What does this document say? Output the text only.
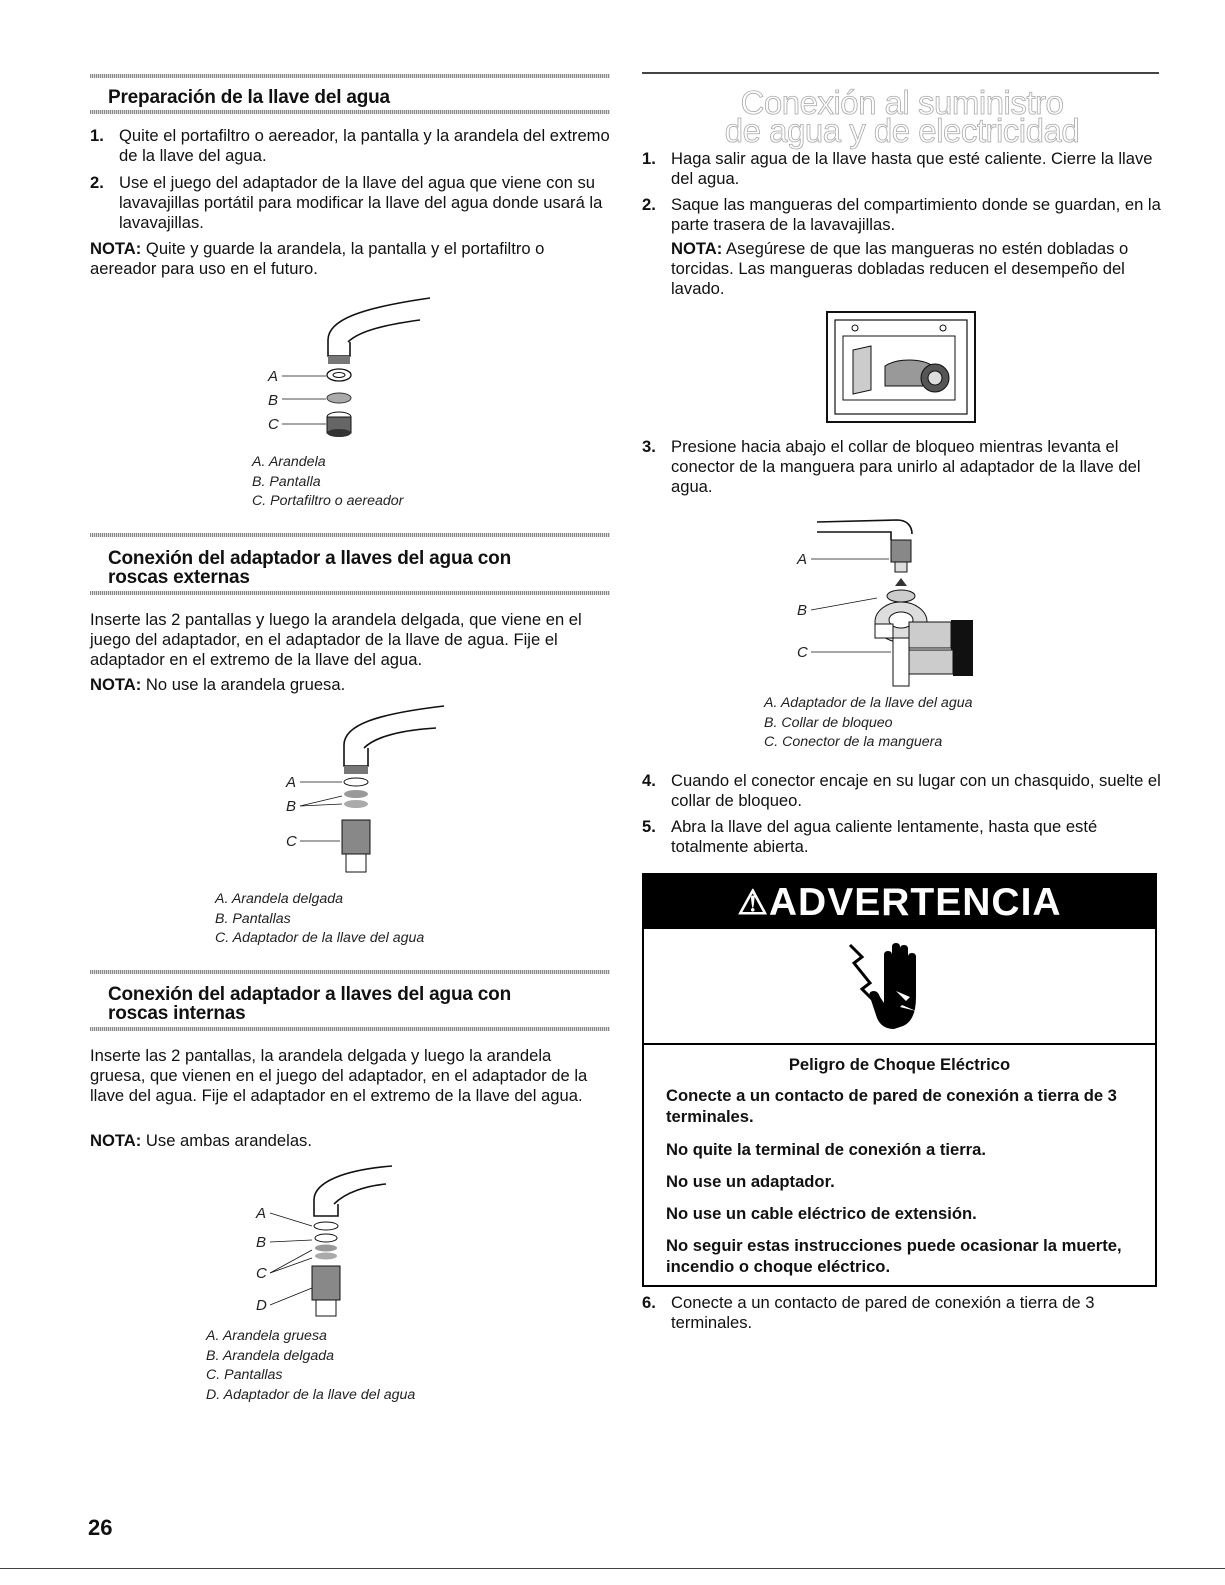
Preparación de la llave del agua
1. Quite el portafiltro o aereador, la pantalla y la arandela del extremo de la llave del agua.
2. Use el juego del adaptador de la llave del agua que viene con su lavavajillas portátil para modificar la llave del agua donde usará la lavavajillas.
NOTA: Quite y guarde la arandela, la pantalla y el portafiltro o aereador para uso en el futuro.
A
B
C
A. Arandela
B. Pantalla
C. Portafiltro o aereador
Conexión del adaptador a llaves del agua con
roscas externas
Inserte las 2 pantallas y luego la arandela delgada, que viene en el juego del adaptador, en el adaptador de la llave de agua. Fije el adaptador en el extremo de la llave del agua.
NOTA: No use la arandela gruesa.
A
B
C
A. Arandela delgada
B. Pantallas
C. Adaptador de la llave del agua
Conexión del adaptador a llaves del agua con
roscas internas
Inserte las 2 pantallas, la arandela delgada y luego la arandela gruesa, que vienen en el juego del adaptador, en el adaptador de la llave del agua. Fije el adaptador en el extremo de la llave del agua.
NOTA: Use ambas arandelas.
A
B
C
D
A. Arandela gruesa
B. Arandela delgada
C. Pantallas
D. Adaptador de la llave del agua
Conexión al suministro
de agua y de electricidad
1. Haga salir agua de la llave hasta que esté caliente. Cierre la llave del agua.
2. Saque las mangueras del compartimiento donde se guardan, en la parte trasera de la lavavajillas.
NOTA: Asegúrese de que las mangueras no estén dobladas o torcidas. Las mangueras dobladas reducen el desempeño del lavado.
3. Presione hacia abajo el collar de bloqueo mientras levanta el conector de la manguera para unirlo al adaptador de la llave del agua.
A
B
C
A. Adaptador de la llave del agua
B. Collar de bloqueo
C. Conector de la manguera
4. Cuando el conector encaje en su lugar con un chasquido, suelte el collar de bloqueo.
5. Abra la llave del agua caliente lentamente, hasta que esté totalmente abierta.
6. Conecte a un contacto de pared de conexión a tierra de 3 terminales.
⚠ADVERTENCIA
Peligro de Choque Eléctrico
Conecte a un contacto de pared de conexión a tierra de 3 terminales.
No quite la terminal de conexión a tierra.
No use un adaptador.
No use un cable eléctrico de extensión.
No seguir estas instrucciones puede ocasionar la muerte, incendio o choque eléctrico.
26
